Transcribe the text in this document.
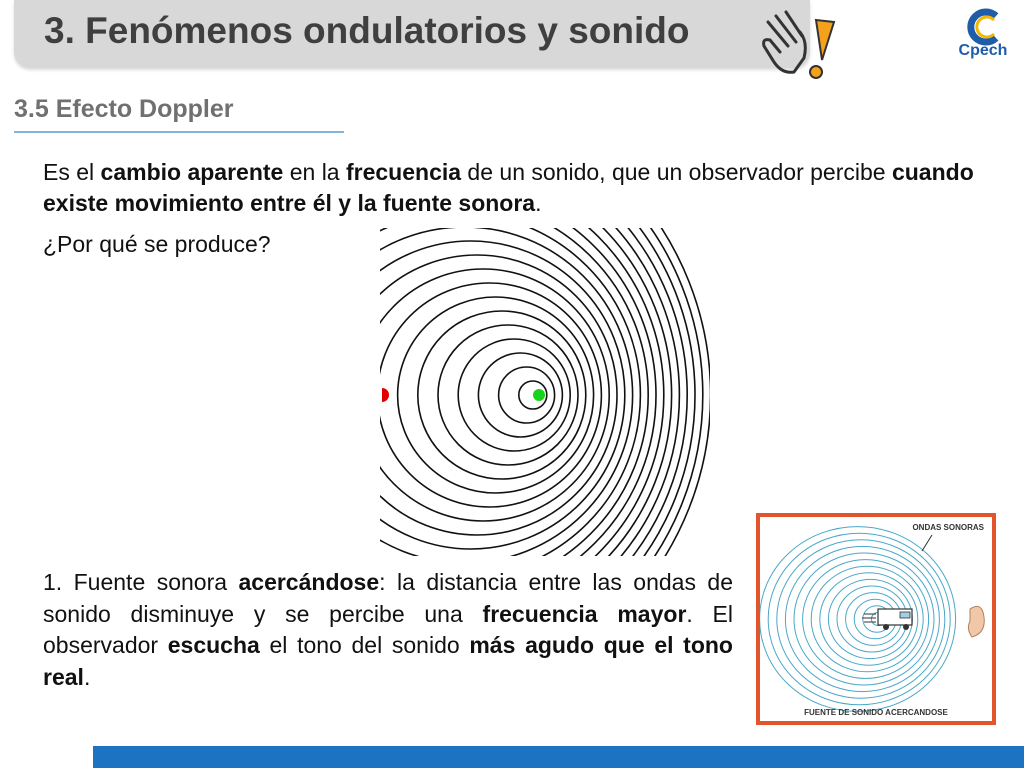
3. Fenómenos ondulatorios y sonido	Cpech
3.5 Efecto Doppler
Es el cambio aparente en la frecuencia de un sonido, que un observador percibe cuando existe movimiento entre él y la fuente sonora.
¿Por qué se produce?
1. Fuente sonora acercándose: la distancia entre las ondas de sonido disminuye y se percibe una frecuencia mayor. El observador escucha el tono del sonido más agudo que el tono real.
ONDAS SONORAS
FUENTE DE SONIDO ACERCANDOSE
